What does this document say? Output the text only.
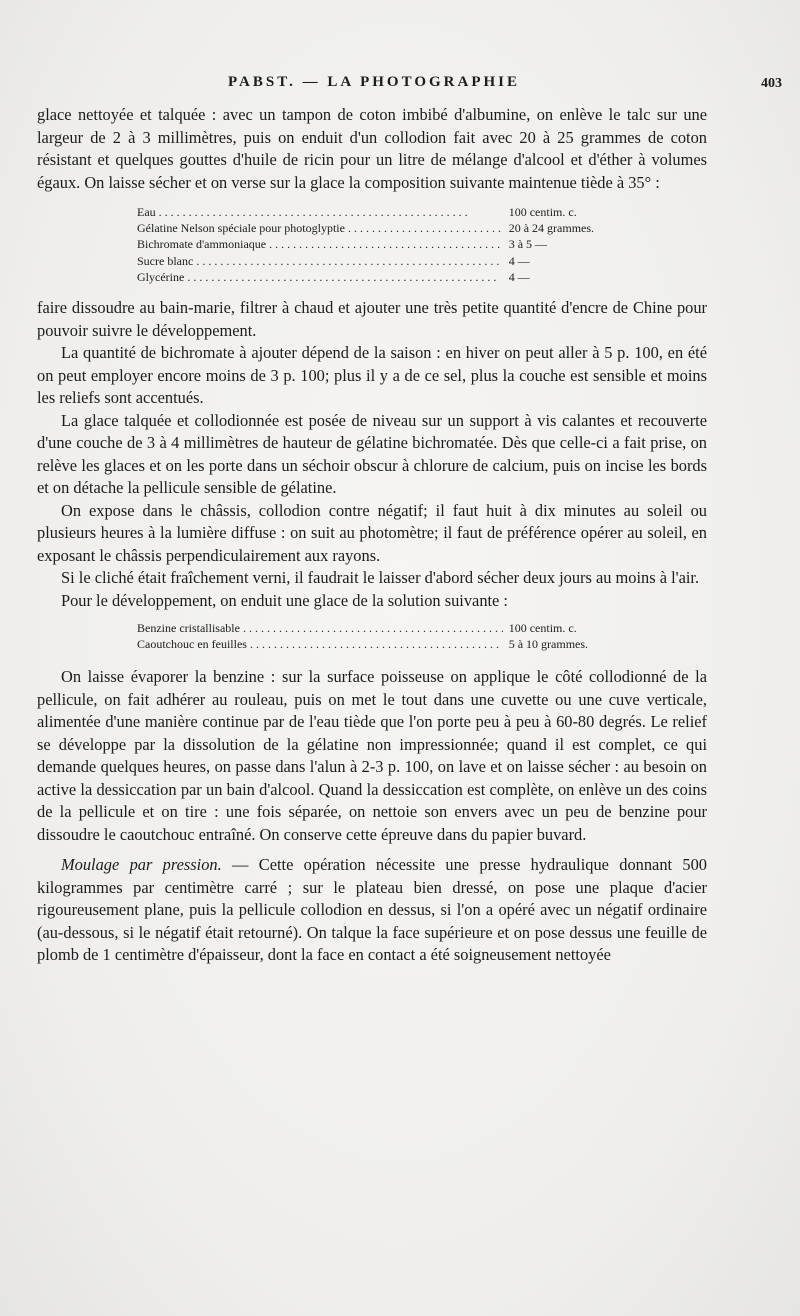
PABST. — LA PHOTOGRAPHIE	403

glace nettoyée et talquée : avec un tampon de coton imbibé d'albumine, on enlève le talc sur une largeur de 2 à 3 millimètres, puis on enduit d'un collodion fait avec 20 à 25 grammes de coton résistant et quelques gouttes d'huile de ricin pour un litre de mélange d'alcool et d'éther à volumes égaux. On laisse sécher et on verse sur la glace la composition suivante maintenue tiède à 35° :

Eau . . .	100 centim. c.
Gélatine Nelson spéciale pour photoglyptie . . .	20 à 24 grammes.
Bichromate d'ammoniaque . . .	3 à 5 —
Sucre blanc . . .	4 —
Glycérine . . .	4 —

faire dissoudre au bain-marie, filtrer à chaud et ajouter une très petite quantité d'encre de Chine pour pouvoir suivre le développement.

La quantité de bichromate à ajouter dépend de la saison : en hiver on peut aller à 5 p. 100, en été on peut employer encore moins de 3 p. 100; plus il y a de ce sel, plus la couche est sensible et moins les reliefs sont accentués.

La glace talquée et collodionnée est posée de niveau sur un support à vis calantes et recouverte d'une couche de 3 à 4 millimètres de hauteur de gélatine bichromatée. Dès que celle-ci a fait prise, on relève les glaces et on les porte dans un séchoir obscur à chlorure de calcium, puis on incise les bords et on détache la pellicule sensible de gélatine.

On expose dans le châssis, collodion contre négatif; il faut huit à dix minutes au soleil ou plusieurs heures à la lumière diffuse : on suit au photomètre; il faut de préférence opérer au soleil, en exposant le châssis perpendiculairement aux rayons.

Si le cliché était fraîchement verni, il faudrait le laisser d'abord sécher deux jours au moins à l'air.

Pour le développement, on enduit une glace de la solution suivante :

Benzine cristallisable . . .	100 centim. c.
Caoutchouc en feuilles . . .	5 à 10 grammes.

On laisse évaporer la benzine : sur la surface poisseuse on applique le côté collodionné de la pellicule, on fait adhérer au rouleau, puis on met le tout dans une cuvette ou une cuve verticale, alimentée d'une manière continue par de l'eau tiède que l'on porte peu à peu à 60-80 degrés. Le relief se développe par la dissolution de la gélatine non impressionnée; quand il est complet, ce qui demande quelques heures, on passe dans l'alun à 2-3 p. 100, on lave et on laisse sécher : au besoin on active la dessiccation par un bain d'alcool. Quand la dessiccation est complète, on enlève un des coins de la pellicule et on tire : une fois séparée, on nettoie son envers avec un peu de benzine pour dissoudre le caoutchouc entraîné. On conserve cette épreuve dans du papier buvard.

Moulage par pression. — Cette opération nécessite une presse hydraulique donnant 500 kilogrammes par centimètre carré ; sur le plateau bien dressé, on pose une plaque d'acier rigoureusement plane, puis la pellicule collodion en dessus, si l'on a opéré avec un négatif ordinaire (au-dessous, si le négatif était retourné). On talque la face supérieure et on pose dessus une feuille de plomb de 1 centimètre d'épaisseur, dont la face en contact a été soigneusement nettoyée
